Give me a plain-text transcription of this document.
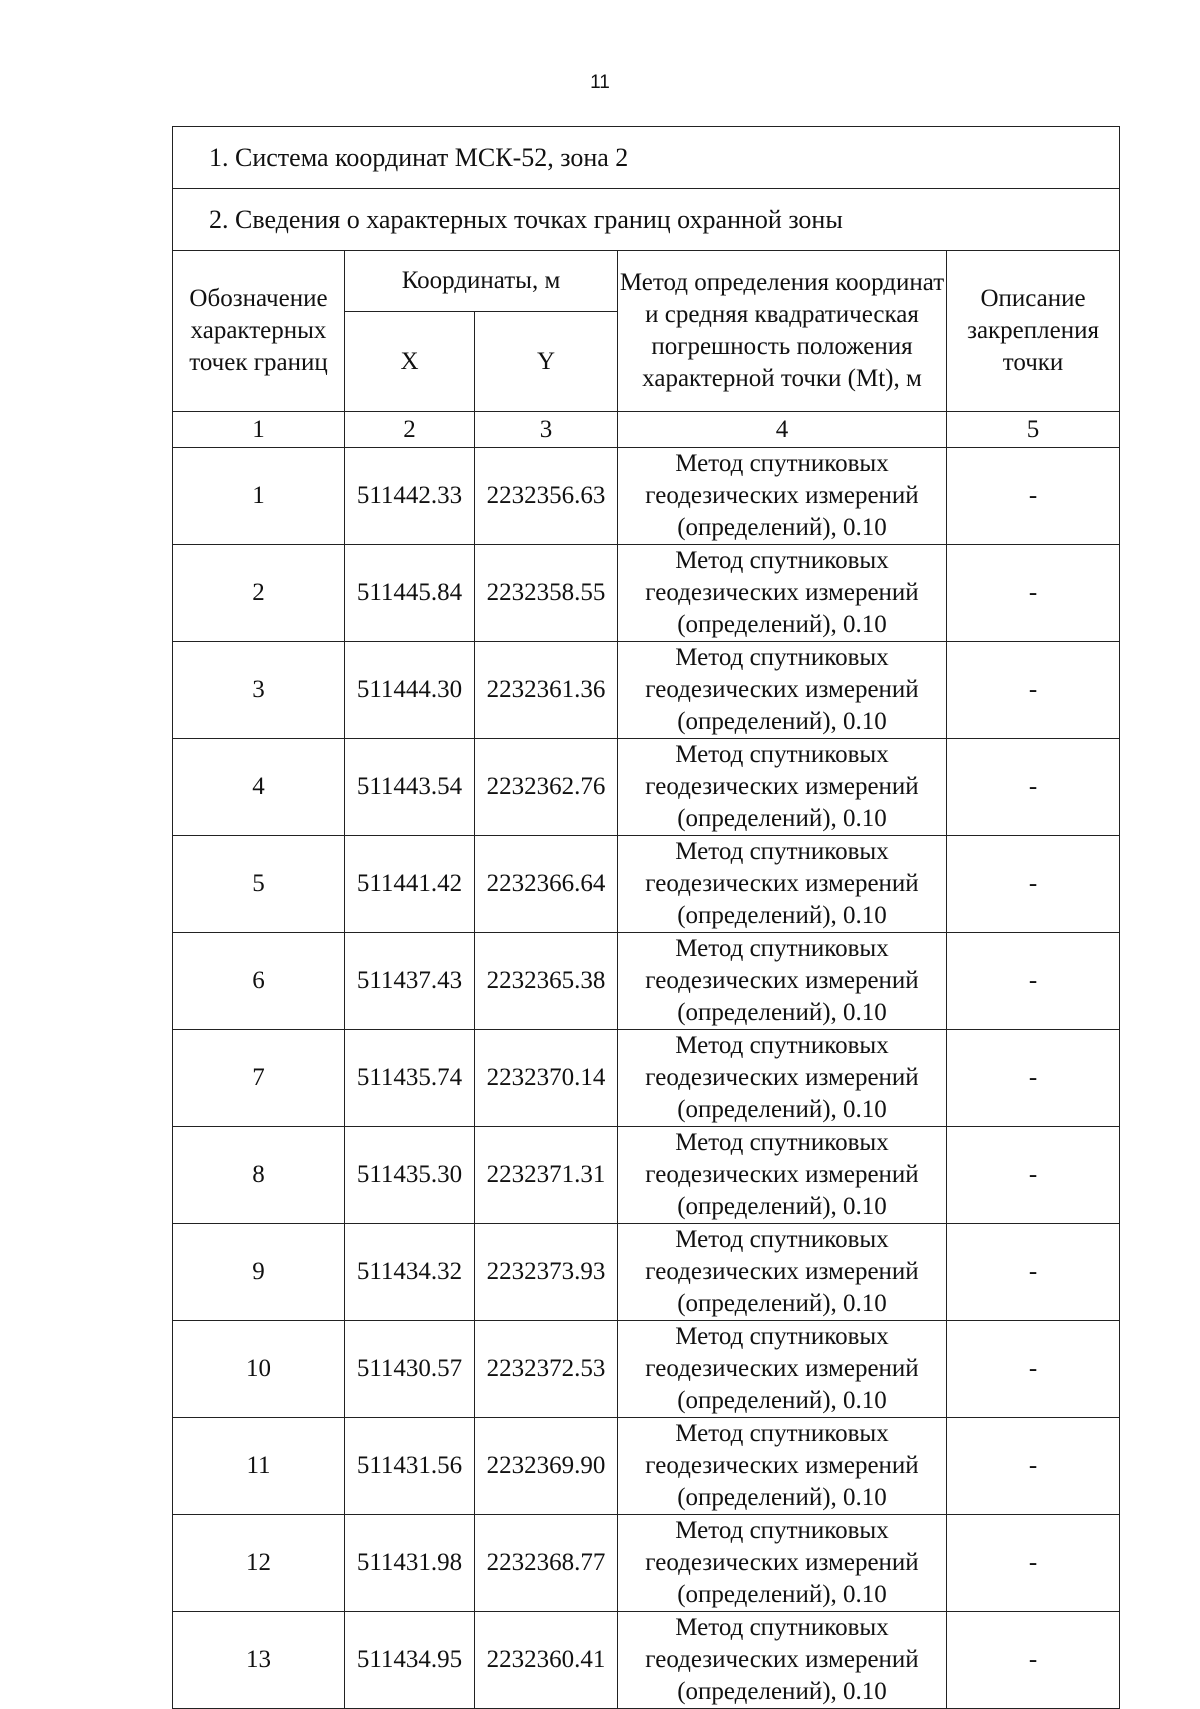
11
1. Система координат МСК-52, зона 2				
2. Сведения о характерных точках границ охранной зоны				
Обозначение характерных точек границ	Координаты, м		Метод определения координат и средняя квадратическая погрешность положения характерной точки (Mt), м	Описание закрепления точки
	X	Y		
1	2	3	4	5
1	511442.33	2232356.63	Метод спутниковых геодезических измерений (определений), 0.10	-
2	511445.84	2232358.55	Метод спутниковых геодезических измерений (определений), 0.10	-
3	511444.30	2232361.36	Метод спутниковых геодезических измерений (определений), 0.10	-
4	511443.54	2232362.76	Метод спутниковых геодезических измерений (определений), 0.10	-
5	511441.42	2232366.64	Метод спутниковых геодезических измерений (определений), 0.10	-
6	511437.43	2232365.38	Метод спутниковых геодезических измерений (определений), 0.10	-
7	511435.74	2232370.14	Метод спутниковых геодезических измерений (определений), 0.10	-
8	511435.30	2232371.31	Метод спутниковых геодезических измерений (определений), 0.10	-
9	511434.32	2232373.93	Метод спутниковых геодезических измерений (определений), 0.10	-
10	511430.57	2232372.53	Метод спутниковых геодезических измерений (определений), 0.10	-
11	511431.56	2232369.90	Метод спутниковых геодезических измерений (определений), 0.10	-
12	511431.98	2232368.77	Метод спутниковых геодезических измерений (определений), 0.10	-
13	511434.95	2232360.41	Метод спутниковых геодезических измерений (определений), 0.10	-
